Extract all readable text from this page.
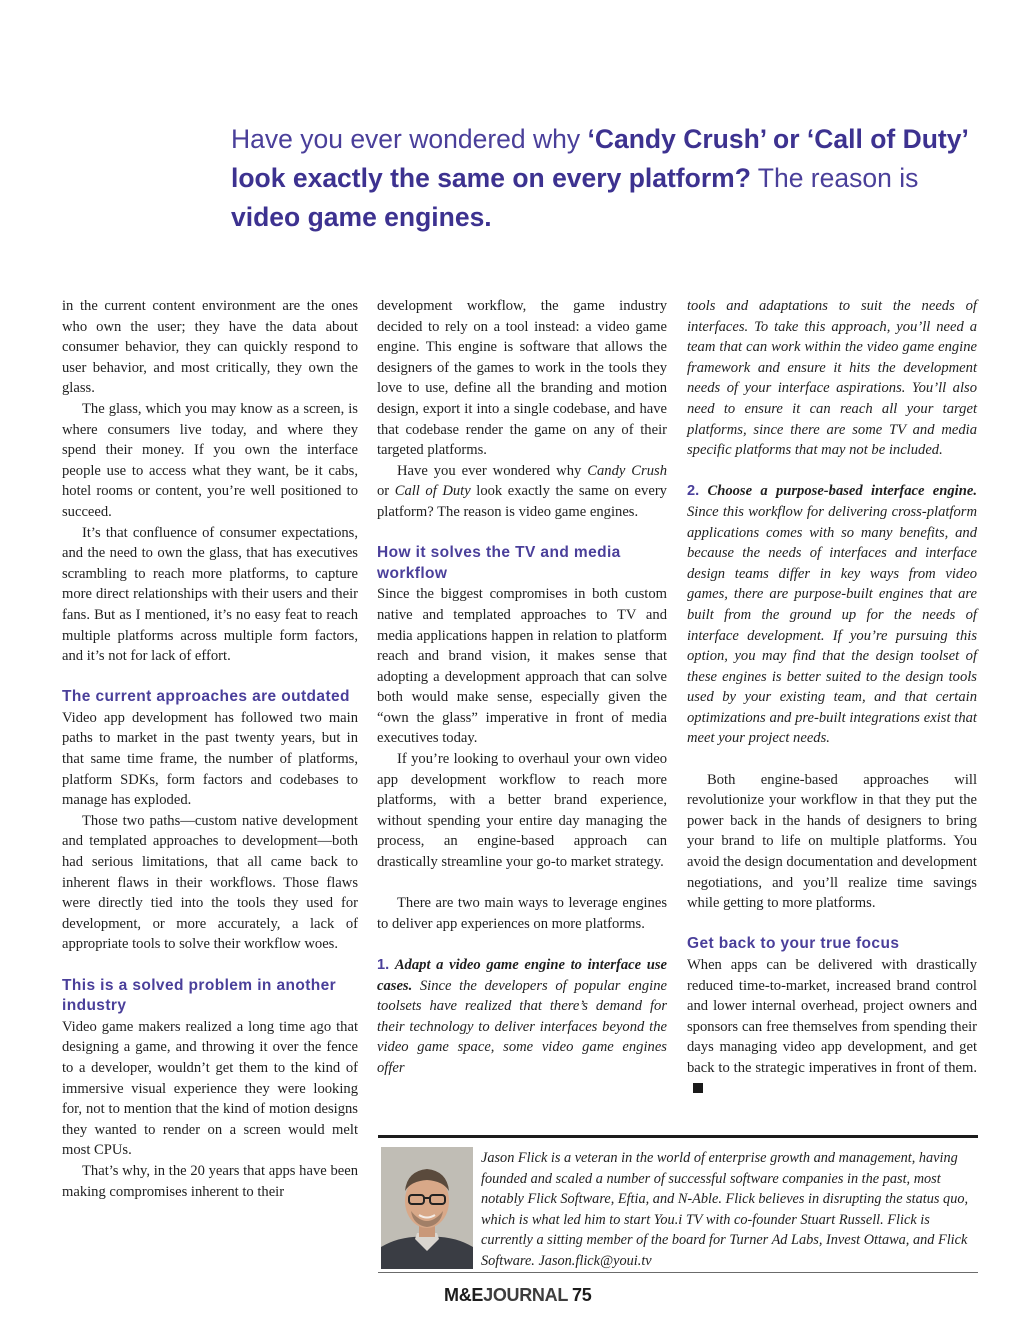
Have you ever wondered why ‘Candy Crush’ or ‘Call of Duty’ look exactly the same on every platform? The reason is video game engines.

in the current content environment are the ones who own the user; they have the data about consumer behavior, they can quickly respond to user behavior, and most critically, they own the glass.

The glass, which you may know as a screen, is where consumers live today, and where they spend their money. If you own the interface people use to access what they want, be it cabs, hotel rooms or content, you’re well positioned to succeed.

It’s that confluence of consumer expectations, and the need to own the glass, that has executives scrambling to reach more platforms, to capture more direct relationships with their users and their fans. But as I mentioned, it’s no easy feat to reach multiple platforms across multiple form factors, and it’s not for lack of effort.

The current approaches are outdated

Video app development has followed two main paths to market in the past twenty years, but in that same time frame, the number of platforms, platform SDKs, form factors and codebases to manage has exploded.

Those two paths—custom native development and templated approaches to development—both had serious limitations, that all came back to inherent flaws in their workflows. Those flaws were directly tied into the tools they used for development, or more accurately, a lack of appropriate tools to solve their workflow woes.

This is a solved problem in another industry

Video game makers realized a long time ago that designing a game, and throwing it over the fence to a developer, wouldn’t get them to the kind of immersive visual experience they were looking for, not to mention that the kind of motion designs they wanted to render on a screen would melt most CPUs.

That’s why, in the 20 years that apps have been making compromises inherent to their

development workflow, the game industry decided to rely on a tool instead: a video game engine. This engine is software that allows the designers of the games to work in the tools they love to use, define all the branding and motion design, export it into a single codebase, and have that codebase render the game on any of their targeted platforms.

Have you ever wondered why Candy Crush or Call of Duty look exactly the same on every platform? The reason is video game engines.

How it solves the TV and media workflow

Since the biggest compromises in both custom native and templated approaches to TV and media applications happen in relation to platform reach and brand vision, it makes sense that adopting a development approach that can solve both would make sense, especially given the “own the glass” imperative in front of media executives today.

If you’re looking to overhaul your own video app development workflow to reach more platforms, with a better brand experience, without spending your entire day managing the process, an engine-based approach can drastically streamline your go-to market strategy.

There are two main ways to leverage engines to deliver app experiences on more platforms.

1. Adapt a video game engine to interface use cases. Since the developers of popular engine toolsets have realized that there’s demand for their technology to deliver interfaces beyond the video game space, some video game engines offer

tools and adaptations to suit the needs of interfaces. To take this approach, you’ll need a team that can work within the video game engine framework and ensure it hits the development needs of your interface aspirations. You’ll also need to ensure it can reach all your target platforms, since there are some TV and media specific platforms that may not be included.

2. Choose a purpose-based interface engine. Since this workflow for delivering cross-platform applications comes with so many benefits, and because the needs of interfaces and interface design teams differ in key ways from video games, there are purpose-built engines that are built from the ground up for the needs of interface development. If you’re pursuing this option, you may find that the design toolset of these engines is better suited to the design tools used by your existing team, and that certain optimizations and pre-built integrations exist that meet your project needs.

Both engine-based approaches will revolutionize your workflow in that they put the power back in the hands of designers to bring your brand to life on multiple platforms. You avoid the design documentation and development negotiations, and you’ll realize time savings while getting to more platforms.

Get back to your true focus

When apps can be delivered with drastically reduced time-to-market, increased brand control and lower internal overhead, project owners and sponsors can free themselves from spending their days managing video app development, and get back to the strategic imperatives in front of them.

Jason Flick is a veteran in the world of enterprise growth and management, having founded and scaled a number of successful software companies in the past, most notably Flick Software, Eftia, and N-Able. Flick believes in disrupting the status quo, which is what led him to start You.i TV with co-founder Stuart Russell. Flick is currently a sitting member of the board for Turner Ad Labs, Invest Ottawa, and Flick Software. Jason.flick@youi.tv

M&EJOURNAL 75
